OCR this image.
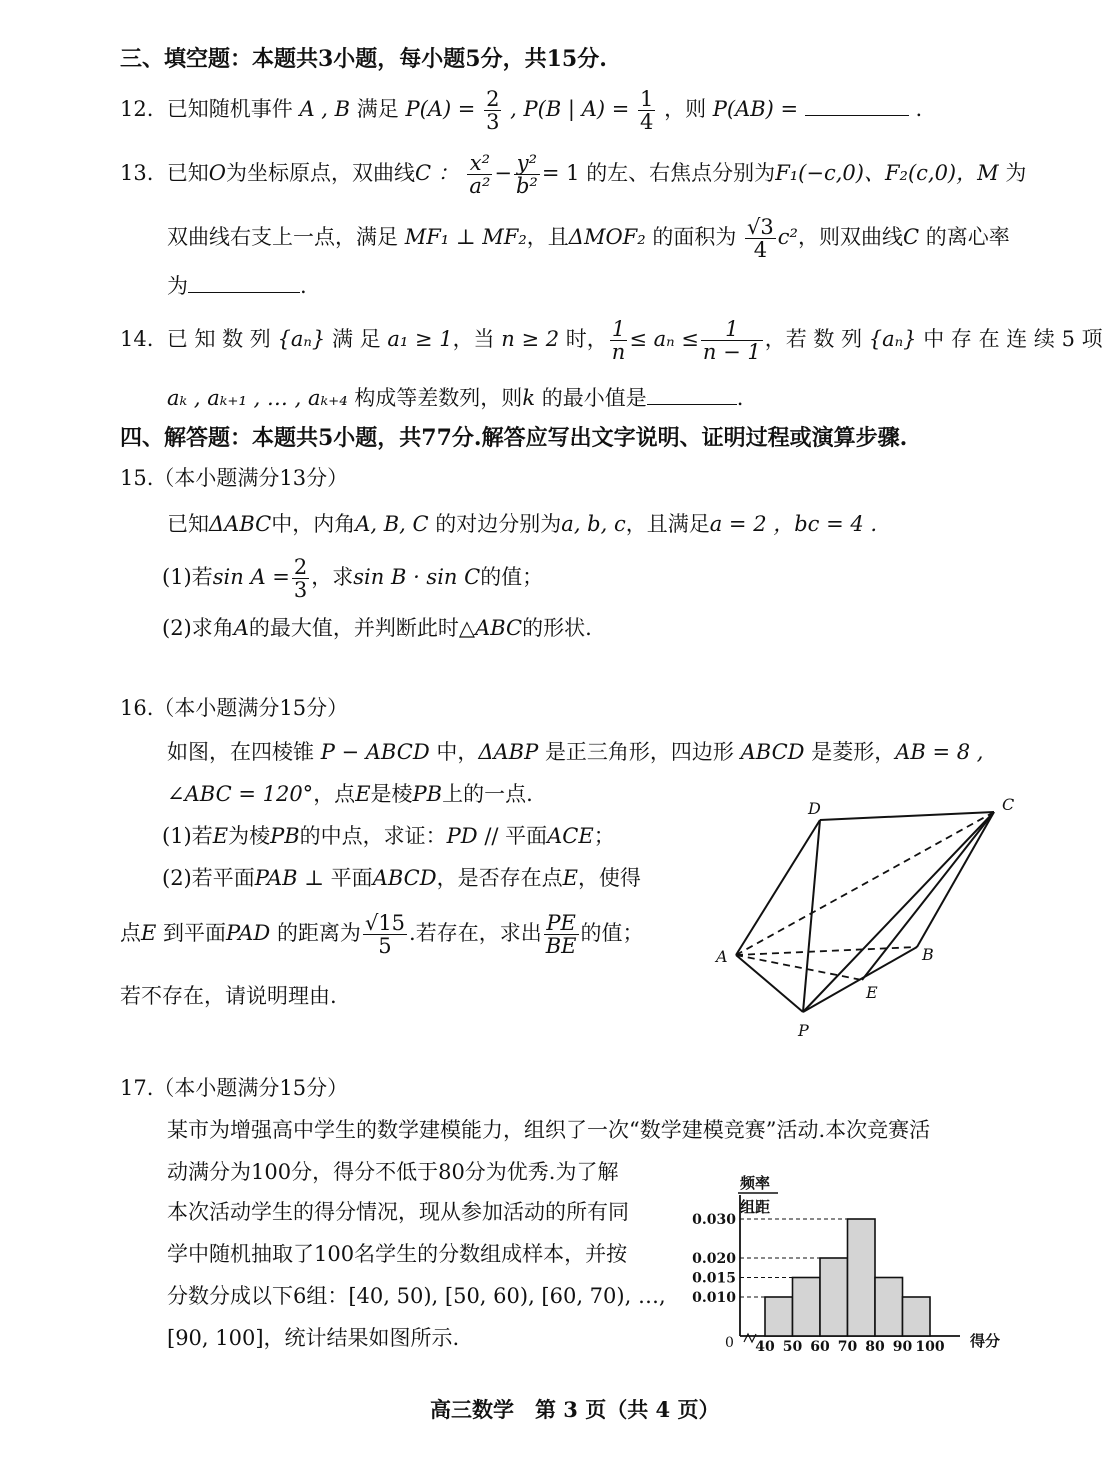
三、填空题：本题共3小题，每小题5分，共15分.
12. 已知随机事件 A , B 满足 $P(A) = \frac{2}{3}$ , P(B | $A) = \frac{1}{4}$ ，则 P(AB) =	.
13. 已知O为坐标原点，双曲线C ： $\frac{\text{x²}}{\text{a²}} - \frac{\text{y²}}{\text{b²}} = 1$ 的左、右焦点分别为F₁(−c,0)、F₂(c,0)，M 为
双曲线右支上一点，满足 MF₁ ⊥ MF₂，且ΔMOF₂ 的面积为 $\frac{√3}{4} c^2$，则双曲线C 的离心率
为	.
14. 已 知 数 列 {aₙ} 满 足 a₁ ≥ 1，当 n ≥ 2 时， $\frac{1}{n} \le a_n \le \frac{1}{n - 1}$ ，若 数 列 {aₙ} 中 存 在 连 续 5 项
aₖ , aₖ₊₁ , … , aₖ₊₄ 构成等差数列，则k 的最小值是	.
四、解答题：本题共5小题，共77分.解答应写出文字说明、证明过程或演算步骤.
15.（本小题满分13分）
已知ΔABC中，内角A, B, C 的对边分别为a, b, c，且满足a = 2 ，bc = 4 .
(1)若$\sin A = \frac{2}{3}$ ，求sin B · sin C的值；
(2)求角A的最大值，并判断此时△ABC的形状.
16.（本小题满分15分）
如图，在四棱锥 P − ABCD 中，ΔABP 是正三角形，四边形 ABCD 是菱形，AB = 8 ,
∠ABC = 120°，点E是棱PB上的一点.
(1)若E为棱PB的中点，求证：PD // 平面ACE；
(2)若平面PAB ⊥ 平面ABCD，是否存在点E，使得
点E 到平面PAD 的距离为 $\frac{√15}{5}$ .若存在，求出 $\frac{PE}{BE}$ 的值；
若不存在，请说明理由.
A	B
C
D
E
P
17.（本小题满分15分）
某市为增强高中学生的数学建模能力，组织了一次“数学建模竞赛”活动.本次竞赛活
动满分为100分，得分不低于80分为优秀.为了解
本次活动学生的得分情况，现从参加活动的所有同
学中随机抽取了100名学生的分数组成样本，并按
分数分成以下6组：[40, 50), [50, 60), [60, 70), …,
[90, 100]，统计结果如图所示.
频率
组距
得分
0
0.010
0.015
0.020
0.030
40 50 60 70 80 90 100
高三数学　第 3 页（共 4 页）
